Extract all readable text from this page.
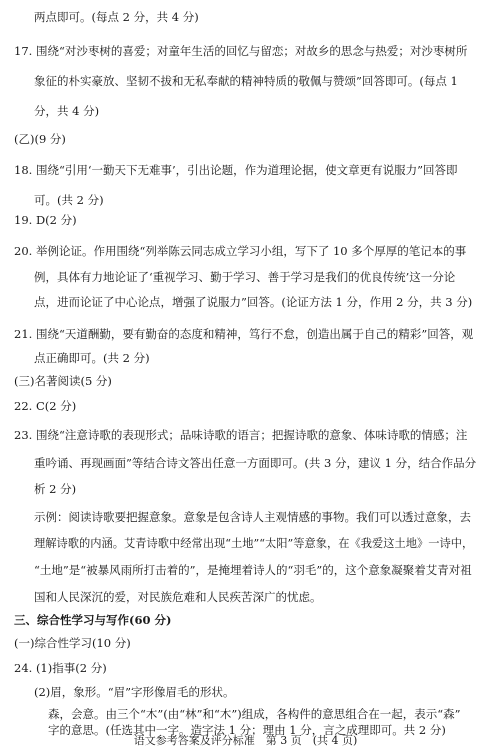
两点即可。(每点 2 分，共 4 分)
17. 围绕“对沙枣树的喜爱；对童年生活的回忆与留恋；对故乡的思念与热爱；对沙枣树所
象征的朴实豪放、坚韧不拔和无私奉献的精神特质的敬佩与赞颂”回答即可。(每点 1
分，共 4 分)
(乙)(9 分)
18. 围绕“引用‘一勤天下无难事’，引出论题，作为道理论据，使文章更有说服力”回答即
可。(共 2 分)
19. D(2 分)
20. 举例论证。作用围绕“列举陈云同志成立学习小组，写下了 10 多个厚厚的笔记本的事
例，具体有力地论证了‘重视学习、勤于学习、善于学习是我们的优良传统’这一分论
点，进而论证了中心论点，增强了说服力”回答。(论证方法 1 分，作用 2 分，共 3 分)
21. 围绕“天道酬勤，要有勤奋的态度和精神，笃行不怠，创造出属于自己的精彩”回答，观
点正确即可。(共 2 分)
(三)名著阅读(5 分)
22. C(2 分)
23. 围绕“注意诗歌的表现形式；品味诗歌的语言；把握诗歌的意象、体味诗歌的情感；注
重吟诵、再现画面”等结合诗文答出任意一方面即可。(共 3 分，建议 1 分，结合作品分
析 2 分)
示例：阅读诗歌要把握意象。意象是包含诗人主观情感的事物。我们可以透过意象，去
理解诗歌的内涵。艾青诗歌中经常出现“土地”“太阳”等意象，在《我爱这土地》一诗中，
“土地”是“被暴风雨所打击着的”，是掩埋着诗人的“羽毛”的，这个意象凝聚着艾青对祖
国和人民深沉的爱，对民族危难和人民疾苦深广的忧虑。
三、综合性学习与写作(60 分)
(一)综合性学习(10 分)
24. (1)指事(2 分)
(2)眉，象形。“眉”字形像眉毛的形状。
森，会意。由三个“木”(由“林”和“木”)组成，各构件的意思组合在一起，表示“森”
字的意思。(任选其中一字。造字法 1 分；理由 1 分，言之成理即可。共 2 分)
语文参考答案及评分标准　第 3 页　(共 4 页)
